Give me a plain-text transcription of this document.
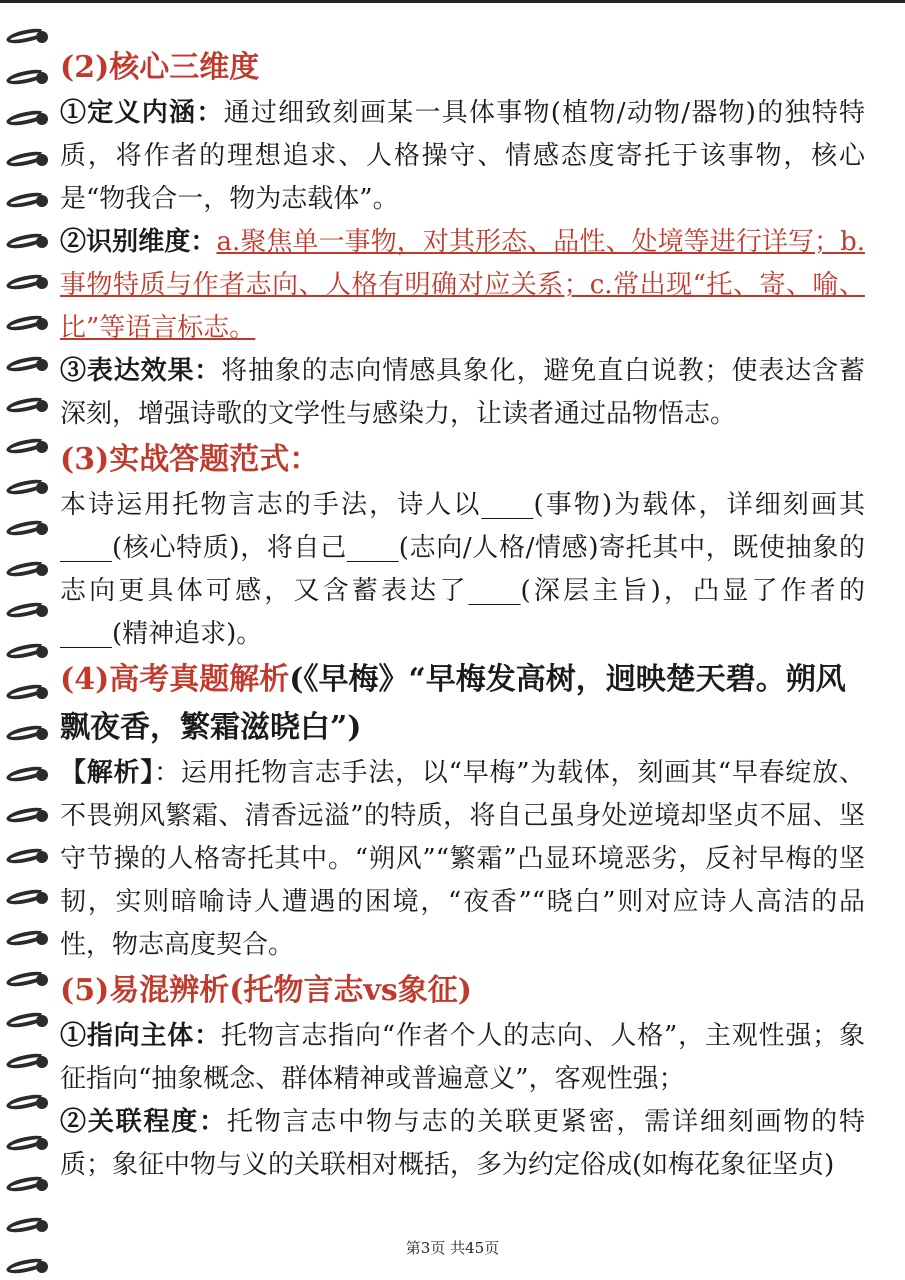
(2)核心三维度

①定义内涵：通过细致刻画某一具体事物(植物/动物/器物)的独特特质，将作者的理想追求、人格操守、情感态度寄托于该事物，核心是“物我合一，物为志载体”。

②识别维度：a.聚焦单一事物，对其形态、品性、处境等进行详写；b.事物特质与作者志向、人格有明确对应关系；c.常出现“托、寄、喻、比”等语言标志。

③表达效果：将抽象的志向情感具象化，避免直白说教；使表达含蓄深刻，增强诗歌的文学性与感染力，让读者通过品物悟志。

(3)实战答题范式：

本诗运用托物言志的手法，诗人以____(事物)为载体，详细刻画其____(核心特质)，将自己____(志向/人格/情感)寄托其中，既使抽象的志向更具体可感，又含蓄表达了____(深层主旨)，凸显了作者的____(精神追求)。

(4)高考真题解析(《早梅》“早梅发高树，迥映楚天碧。朔风飘夜香，繁霜滋晓白”)

【解析】：运用托物言志手法，以“早梅”为载体，刻画其“早春绽放、不畏朔风繁霜、清香远溢”的特质，将自己虽身处逆境却坚贞不屈、坚守节操的人格寄托其中。“朔风”“繁霜”凸显环境恶劣，反衬早梅的坚韧，实则暗喻诗人遭遇的困境，“夜香”“晓白”则对应诗人高洁的品性，物志高度契合。

(5)易混辨析(托物言志vs象征)

①指向主体：托物言志指向“作者个人的志向、人格”，主观性强；象征指向“抽象概念、群体精神或普遍意义”，客观性强；

②关联程度：托物言志中物与志的关联更紧密，需详细刻画物的特质；象征中物与义的关联相对概括，多为约定俗成(如梅花象征坚贞)

第3页 共45页
